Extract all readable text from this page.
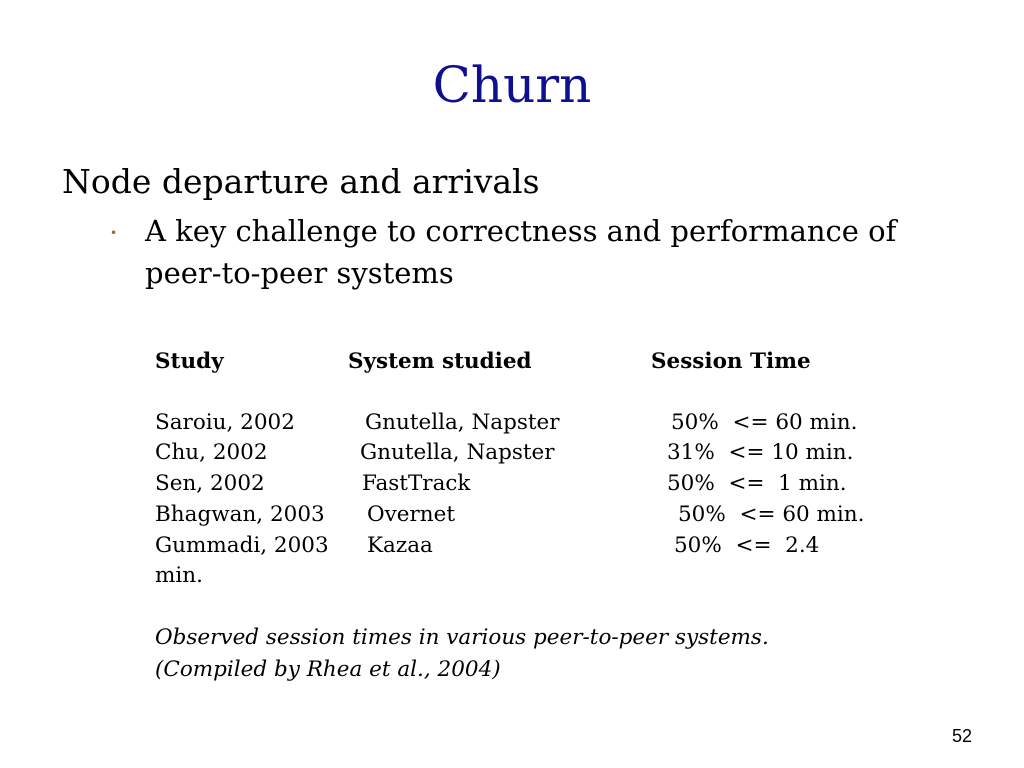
Churn
Node departure and arrivals
• A key challenge to correctness and performance of peer-to-peer systems
Study	System studied	Session Time
Saroiu, 2002	Gnutella, Napster	50%  <= 60 min.
Chu, 2002	Gnutella, Napster	31%  <= 10 min.
Sen, 2002	FastTrack	50%  <=  1 min.
Bhagwan, 2003 Overnet	50%  <= 60 min.
Gummadi, 2003 Kazaa	50%  <=  2.4
min.
Observed session times in various peer-to-peer systems.
(Compiled by Rhea et al., 2004)
52
